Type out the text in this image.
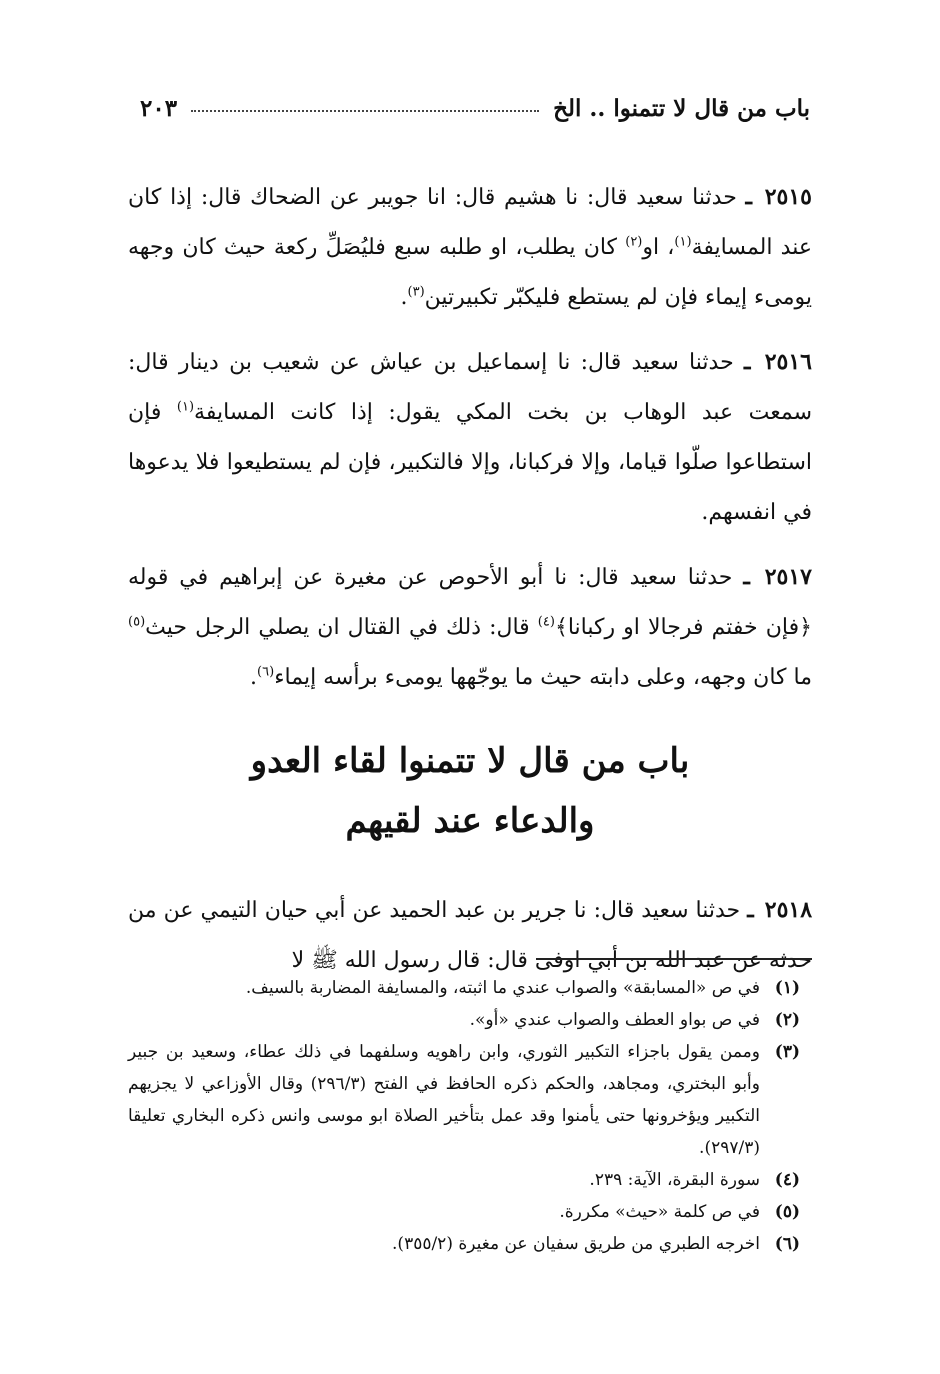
باب من قال لا تتمنوا .. الخ
٢٠٣

٢٥١٥ ـ حدثنا سعيد قال: نا هشيم قال: انا جويبر عن الضحاك قال: إذا كان عند المسايفة$^{(١)}$، او$^{(٢)}$ كان يطلب، او طلبه سبع فليُصَلِّ ركعة حيث كان وجهه يومىء إيماء فإن لم يستطع فليكبّر تكبيرتين$^{(٣)}$.

٢٥١٦ ـ حدثنا سعيد قال: نا إسماعيل بن عياش عن شعيب بن دينار قال: سمعت عبد الوهاب بن بخت المكي يقول: إذا كانت المسايفة$^{(١)}$ فإن استطاعوا صلّوا قياما، وإلا فركبانا، وإلا فالتكبير، فإن لم يستطيعوا فلا يدعوها في انفسهم.

٢٥١٧ ـ حدثنا سعيد قال: نا أبو الأحوص عن مغيرة عن إبراهيم في قوله ﴿فإن خفتم فرجالا او ركبانا﴾$^{(٤)}$ قال: ذلك في القتال ان يصلي الرجل حيث$^{(٥)}$ ما كان وجهه، وعلى دابته حيث ما يوجّهها يومىء برأسه إيماء$^{(٦)}$.

باب من قال لا تتمنوا لقاء العدو
والدعاء عند لقيهم

٢٥١٨ ـ حدثنا سعيد قال: نا جرير بن عبد الحميد عن أبي حيان التيمي عن من حدثه عن عبد الله بن أبي اوفى قال: قال رسول الله ﷺ لا

(١)
في ص «المسابقة» والصواب عندي ما اثبته، والمسايفة المضاربة بالسيف.

(٢)
في ص بواو العطف والصواب عندي «أو».

(٣)
وممن يقول باجزاء التكبير الثوري، وابن راهويه وسلفهما في ذلك عطاء، وسعيد بن جبير وأبو البختري، ومجاهد، والحكم ذكره الحافظ في الفتح (٢٩٦/٣) وقال الأوزاعي لا يجزيهم التكبير ويؤخرونها حتى يأمنوا وقد عمل بتأخير الصلاة ابو موسى وانس ذكره البخاري تعليقا (٢٩٧/٣).

(٤)
سورة البقرة، الآية: ٢٣٩.

(٥)
في ص كلمة «حيث» مكررة.

(٦)
اخرجه الطبري من طريق سفيان عن مغيرة (٣٥٥/٢).
